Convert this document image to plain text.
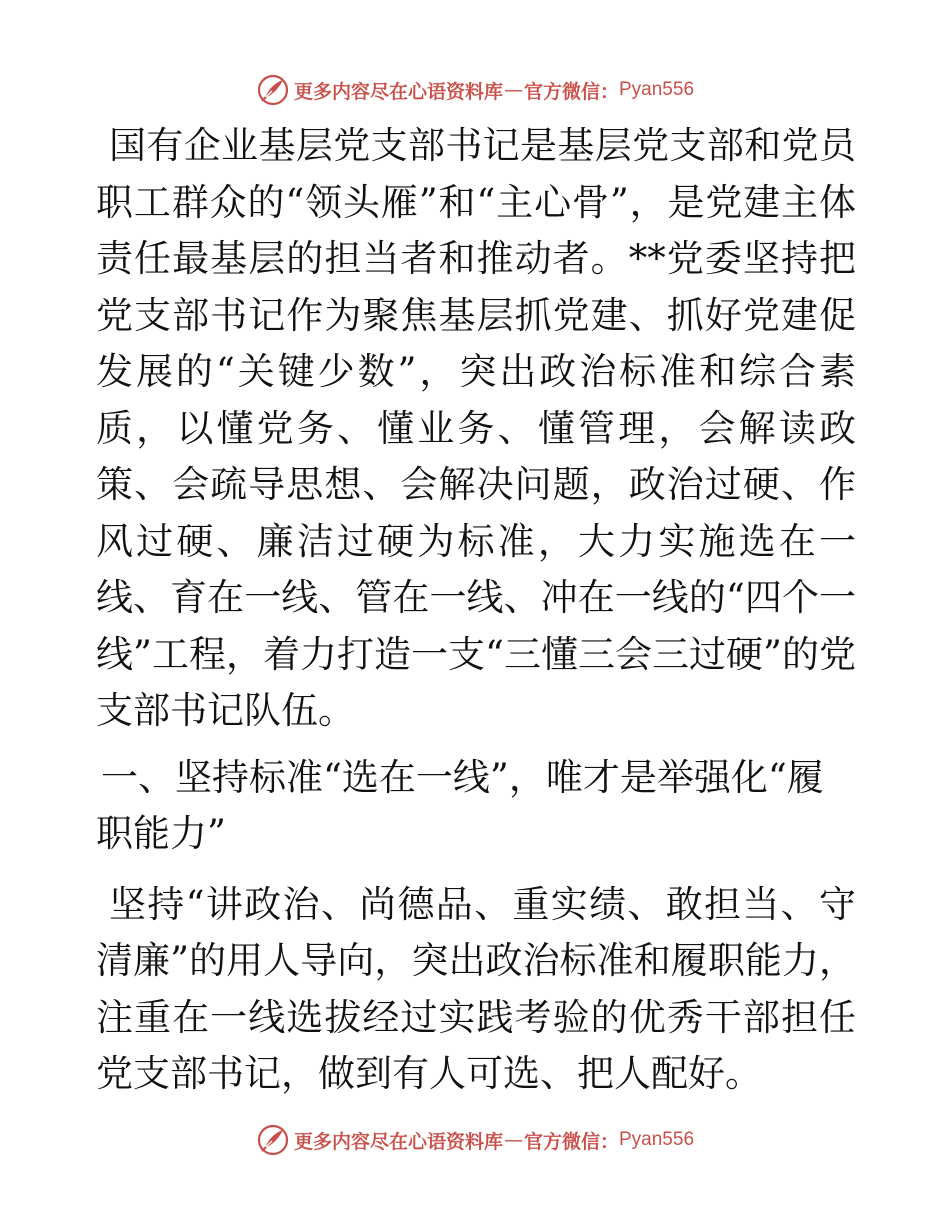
更多内容尽在心语资料库 — 官方微信： Pyan556

国有企业基层党支部书记是基层党支部和党员职工群众的“领头雁”和“主心骨”，是党建主体责任最基层的担当者和推动者。**党委坚持把党支部书记作为聚焦基层抓党建、抓好党建促发展的“关键少数”，突出政治标准和综合素质，以懂党务、懂业务、懂管理，会解读政策、会疏导思想、会解决问题，政治过硬、作风过硬、廉洁过硬为标准，大力实施选在一线、育在一线、管在一线、冲在一线的“四个一线”工程，着力打造一支“三懂三会三过硬”的党支部书记队伍。

一、坚持标准“选在一线”，唯才是举强化“履职能力”

坚持“讲政治、尚德品、重实绩、敢担当、守清廉”的用人导向，突出政治标准和履职能力，注重在一线选拔经过实践考验的优秀干部担任党支部书记，做到有人可选、把人配好。

更多内容尽在心语资料库 — 官方微信： Pyan556
